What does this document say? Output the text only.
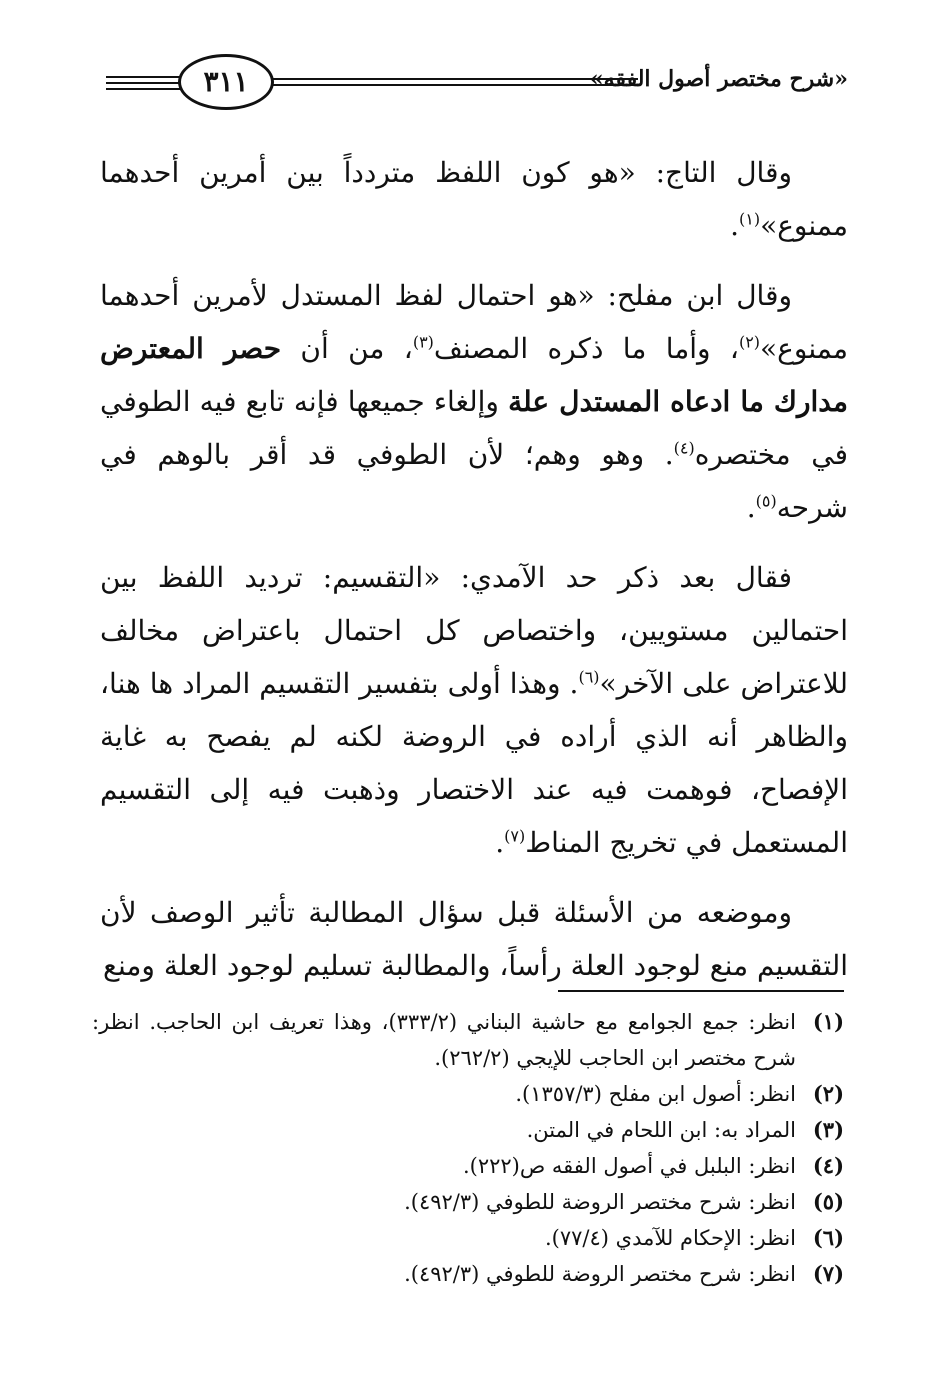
٣١١	«شرح مختصر أصول الفقه»

وقال التاج: «هو كون اللفظ متردداً بين أمرين أحدهما ممنوع»$^{(١)}$.

وقال ابن مفلح: «هو احتمال لفظ المستدل لأمرين أحدهما ممنوع»$^{(٢)}$، وأما ما ذكره المصنف$^{(٣)}$، من أن حصر المعترض مدارك ما ادعاه المستدل علة وإلغاء جميعها فإنه تابع فيه الطوفي في مختصره$^{(٤)}$. وهو وهم؛ لأن الطوفي قد أقر بالوهم في شرحه$^{(٥)}$.

فقال بعد ذكر حد الآمدي: «التقسيم: ترديد اللفظ بين احتمالين مستويين، واختصاص كل احتمال باعتراض مخالف للاعتراض على الآخر»$^{(٦)}$. وهذا أولى بتفسير التقسيم المراد ها هنا، والظاهر أنه الذي أراده في الروضة لكنه لم يفصح به غاية الإفصاح، فوهمت فيه عند الاختصار وذهبت فيه إلى التقسيم المستعمل في تخريج المناط$^{(٧)}$.

وموضعه من الأسئلة قبل سؤال المطالبة تأثير الوصف لأن التقسيم منع لوجود العلة رأساً، والمطالبة تسليم لوجود العلة ومنع

(١)
انظر: جمع الجوامع مع حاشية البناني (٣٣٣/٢)، وهذا تعريف ابن الحاجب. انظر: شرح مختصر ابن الحاجب للإيجي (٢٦٢/٢).

(٢)
انظر: أصول ابن مفلح (١٣٥٧/٣).

(٣)
المراد به: ابن اللحام في المتن.

(٤)
انظر: البلبل في أصول الفقه ص(٢٢٢).

(٥)
انظر: شرح مختصر الروضة للطوفي (٤٩٢/٣).

(٦)
انظر: الإحكام للآمدي (٧٧/٤).

(٧)
انظر: شرح مختصر الروضة للطوفي (٤٩٢/٣).
